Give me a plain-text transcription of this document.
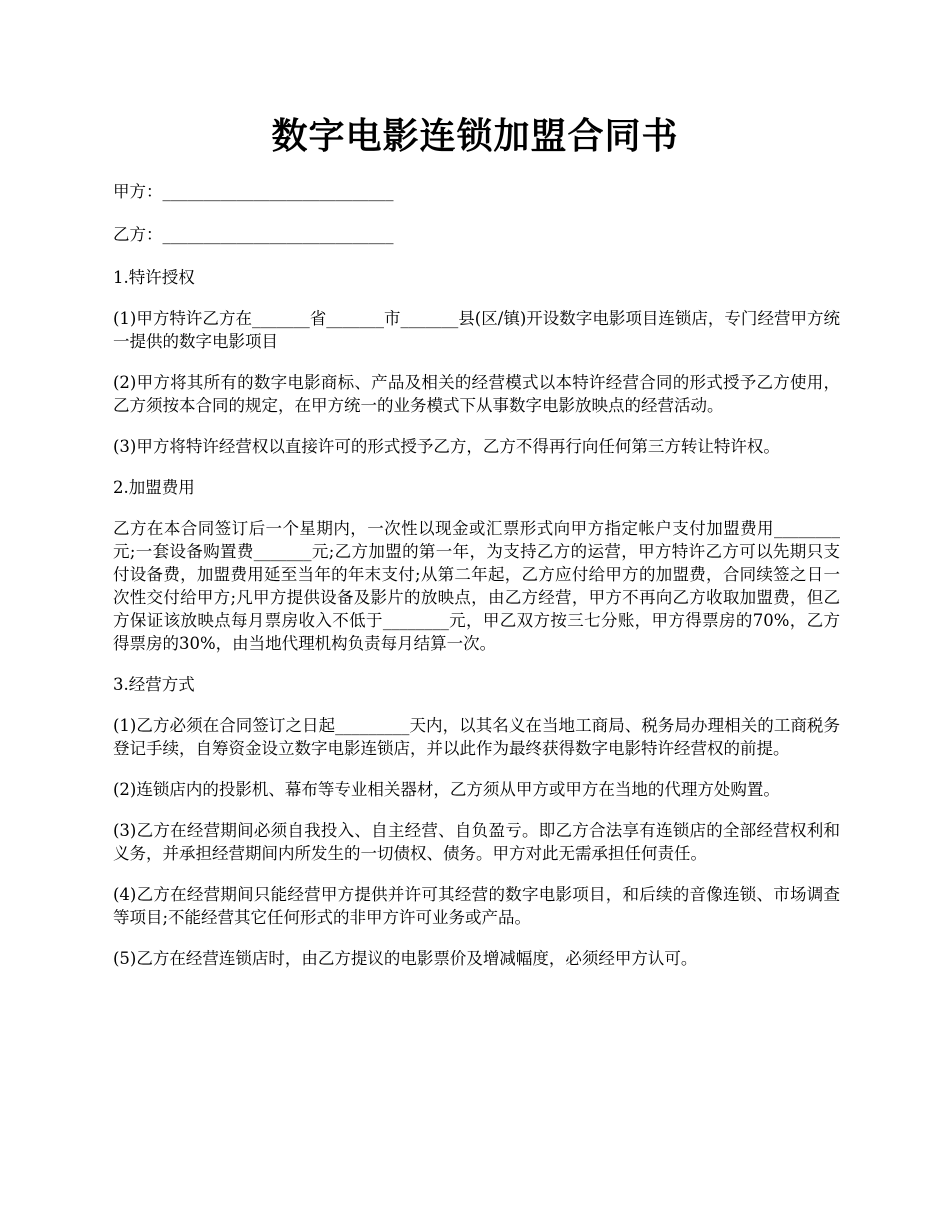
数字电影连锁加盟合同书

甲方：____________________________

乙方：____________________________

1.特许授权

(1)甲方特许乙方在_______省_______市_______县(区/镇)开设数字电影项目连锁店，专门经营甲方统一提供的数字电影项目

(2)甲方将其所有的数字电影商标、产品及相关的经营模式以本特许经营合同的形式授予乙方使用，乙方须按本合同的规定，在甲方统一的业务模式下从事数字电影放映点的经营活动。

(3)甲方将特许经营权以直接许可的形式授予乙方，乙方不得再行向任何第三方转让特许权。

2.加盟费用

乙方在本合同签订后一个星期内，一次性以现金或汇票形式向甲方指定帐户支付加盟费用________元;一套设备购置费_______元;乙方加盟的第一年，为支持乙方的运营，甲方特许乙方可以先期只支付设备费，加盟费用延至当年的年末支付;从第二年起，乙方应付给甲方的加盟费，合同续签之日一次性交付给甲方;凡甲方提供设备及影片的放映点，由乙方经营，甲方不再向乙方收取加盟费，但乙方保证该放映点每月票房收入不低于________元，甲乙双方按三七分账，甲方得票房的70%，乙方得票房的30%，由当地代理机构负责每月结算一次。

3.经营方式

(1)乙方必须在合同签订之日起_________天内，以其名义在当地工商局、税务局办理相关的工商税务登记手续，自筹资金设立数字电影连锁店，并以此作为最终获得数字电影特许经营权的前提。

(2)连锁店内的投影机、幕布等专业相关器材，乙方须从甲方或甲方在当地的代理方处购置。

(3)乙方在经营期间必须自我投入、自主经营、自负盈亏。即乙方合法享有连锁店的全部经营权利和义务，并承担经营期间内所发生的一切债权、债务。甲方对此无需承担任何责任。

(4)乙方在经营期间只能经营甲方提供并许可其经营的数字电影项目，和后续的音像连锁、市场调查等项目;不能经营其它任何形式的非甲方许可业务或产品。

(5)乙方在经营连锁店时，由乙方提议的电影票价及增减幅度，必须经甲方认可。
